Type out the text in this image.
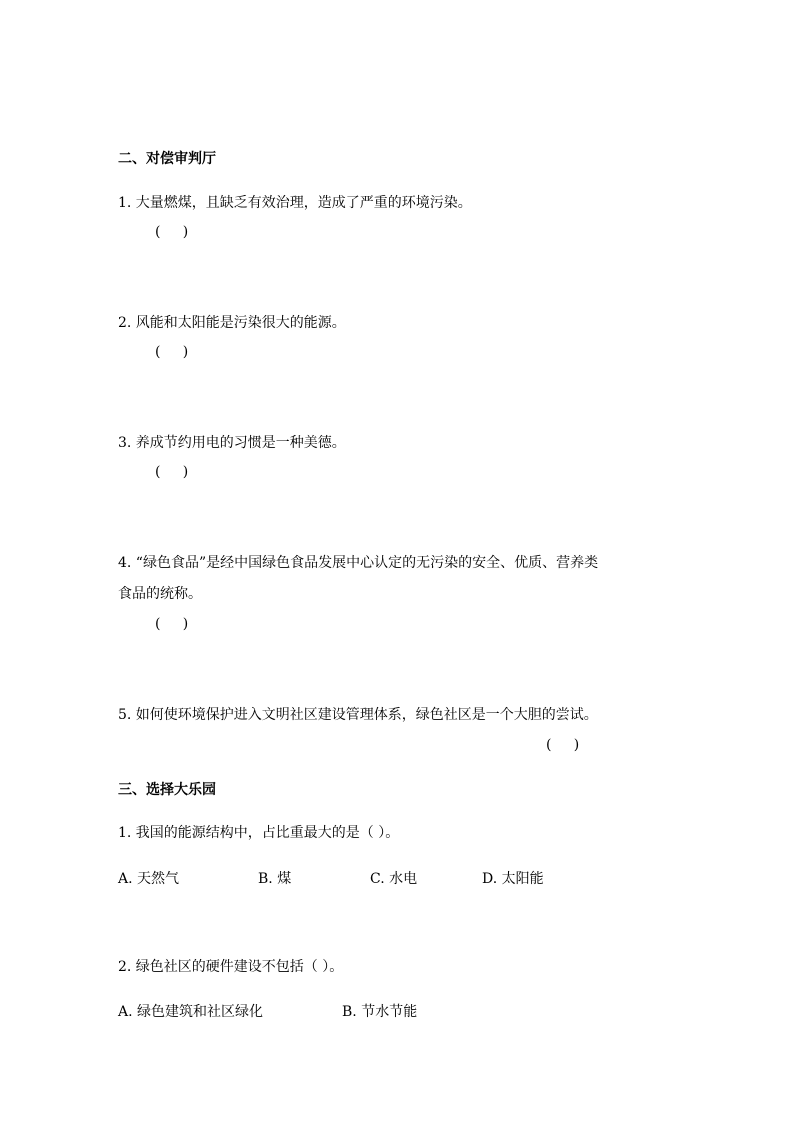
二、对偿审判厅
1. 大量燃煤，且缺乏有效治理，造成了严重的环境污染。
(     )
2. 风能和太阳能是污染很大的能源。
(     )
3. 养成节约用电的习惯是一种美德。
(     )
4. “绿色食品”是经中国绿色食品发展中心认定的无污染的安全、优质、营养类
食品的统称。
(     )
5. 如何使环境保护进入文明社区建设管理体系，绿色社区是一个大胆的尝试。
(     )
三、选择大乐园
1. 我国的能源结构中，占比重最大的是（ ）。
A. 天然气	B. 煤	C. 水电	D. 太阳能
2. 绿色社区的硬件建设不包括（ ）。
A. 绿色建筑和社区绿化	B. 节水节能
